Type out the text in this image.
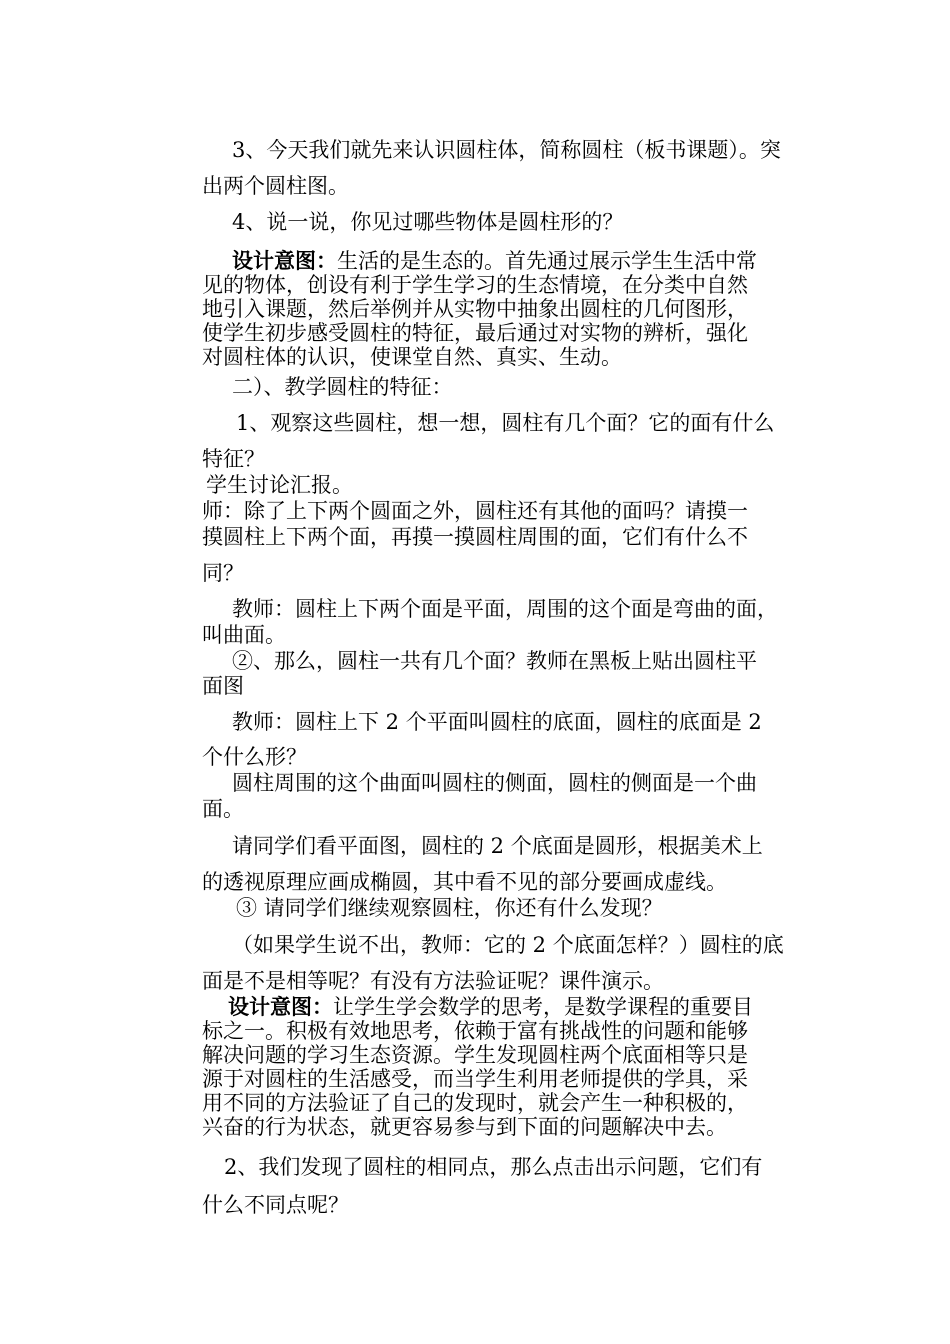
3、今天我们就先来认识圆柱体，简称圆柱（板书课题）。突
出两个圆柱图。
4、说一说，你见过哪些物体是圆柱形的？
设计意图：生活的是生态的。首先通过展示学生生活中常
见的物体，创设有利于学生学习的生态情境，在分类中自然
地引入课题，然后举例并从实物中抽象出圆柱的几何图形，
使学生初步感受圆柱的特征，最后通过对实物的辨析，强化
对圆柱体的认识，使课堂自然、真实、生动。
二）、教学圆柱的特征：
1、观察这些圆柱，想一想，圆柱有几个面？它的面有什么
特征？
学生讨论汇报。
师：除了上下两个圆面之外，圆柱还有其他的面吗？请摸一
摸圆柱上下两个面，再摸一摸圆柱周围的面，它们有什么不
同？
教师：圆柱上下两个面是平面，周围的这个面是弯曲的面，
叫曲面。
②、那么，圆柱一共有几个面？教师在黑板上贴出圆柱平
面图
教师：圆柱上下 2 个平面叫圆柱的底面，圆柱的底面是 2
个什么形？
圆柱周围的这个曲面叫圆柱的侧面，圆柱的侧面是一个曲
面。
请同学们看平面图，圆柱的 2 个底面是圆形，根据美术上
的透视原理应画成椭圆，其中看不见的部分要画成虚线。
③ 请同学们继续观察圆柱，你还有什么发现？
（如果学生说不出，教师：它的 2 个底面怎样？）圆柱的底
面是不是相等呢？有没有方法验证呢？课件演示。
设计意图：让学生学会数学的思考，是数学课程的重要目
标之一。积极有效地思考，依赖于富有挑战性的问题和能够
解决问题的学习生态资源。学生发现圆柱两个底面相等只是
源于对圆柱的生活感受，而当学生利用老师提供的学具，采
用不同的方法验证了自己的发现时，就会产生一种积极的，
兴奋的行为状态，就更容易参与到下面的问题解决中去。
2、我们发现了圆柱的相同点，那么点击出示问题，它们有
什么不同点呢？
